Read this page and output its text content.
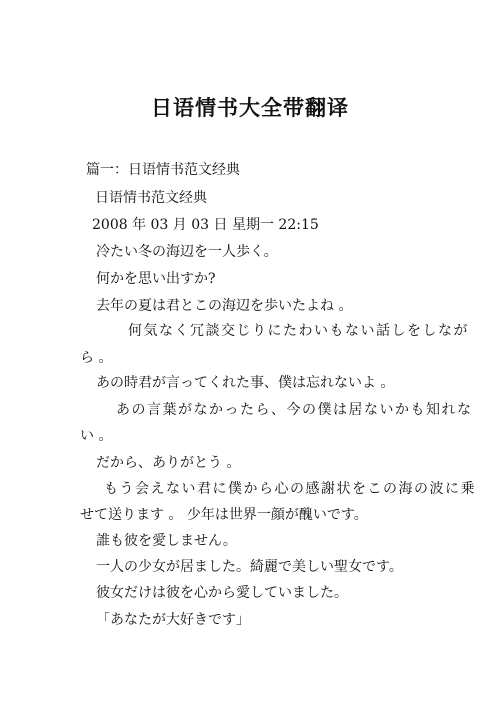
日语情书大全带翻译

篇一：日语情书范文经典

日语情书范文经典

2008 年 03 月 03 日 星期一 22:15

冷たい冬の海辺を一人歩く。

何かを思い出すか?

去年の夏は君とこの海辺を歩いたよね 。

何気なく冗談交じりにたわいもない話しをしなが

ら 。

あの時君が言ってくれた事、僕は忘れないよ 。

あの言葉がなかったら、今の僕は居ないかも知れな

い 。

だから、ありがとう 。

もう会えない君に僕から心の感謝状をこの海の波に乗

せて送ります 。 少年は世界一顔が醜いです。

誰も彼を愛しません。

一人の少女が居ました。綺麗で美しい聖女です。

彼女だけは彼を心から愛していました。

「あなたが大好きです」
